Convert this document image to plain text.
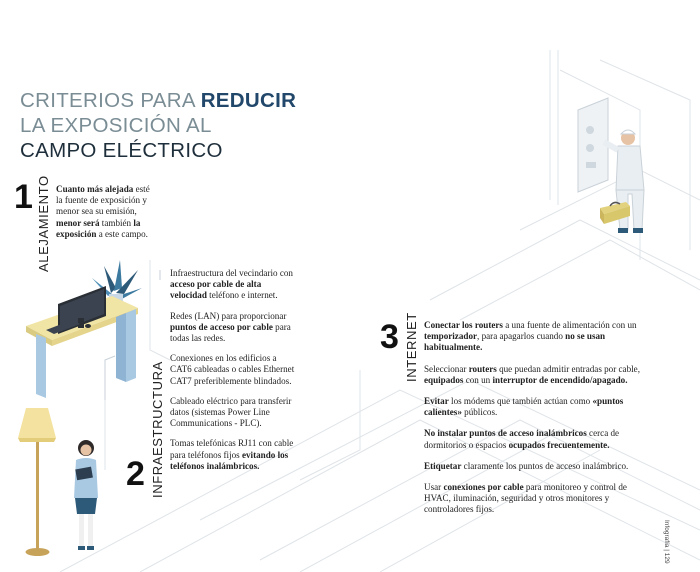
CRITERIOS PARA REDUCIR
LA EXPOSICIÓN AL
CAMPO ELÉCTRICO
1 ALEJAMIENTO Cuanto más alejada esté la fuente de exposición y menor sea su emisión, menor será también la exposición a este campo.

Infraestructura del vecindario con acceso por cable de alta velocidad teléfono e internet.

Redes (LAN) para proporcionar puntos de acceso por cable para todas las redes.

Conexiones en los edificios a CAT6 cableadas o cables Ethernet CAT7 preferiblemente blindados.

Cableado eléctrico para transferir datos (sistemas Power Line Communications - PLC).

Tomas telefónicas RJ11 con cable para teléfonos fijos evitando los teléfonos inalámbricos.

2 INFRAESTRUCTURA
3 INTERNET Conectar los routers a una fuente de alimentación con un temporizador, para apagarlos cuando no se usan habitualmente.

Seleccionar routers que puedan admitir entradas por cable, equipados con un interruptor de encendido/apagado.

Evitar los módems que también actúan como «puntos calientes» públicos.

No instalar puntos de acceso inalámbricos cerca de dormitorios o espacios ocupados frecuentemente.

Etiquetar claramente los puntos de acceso inalámbrico.

Usar conexiones por cable para monitoreo y control de HVAC, iluminación, seguridad y otros monitores y controladores fijos.

Infografía | 129
